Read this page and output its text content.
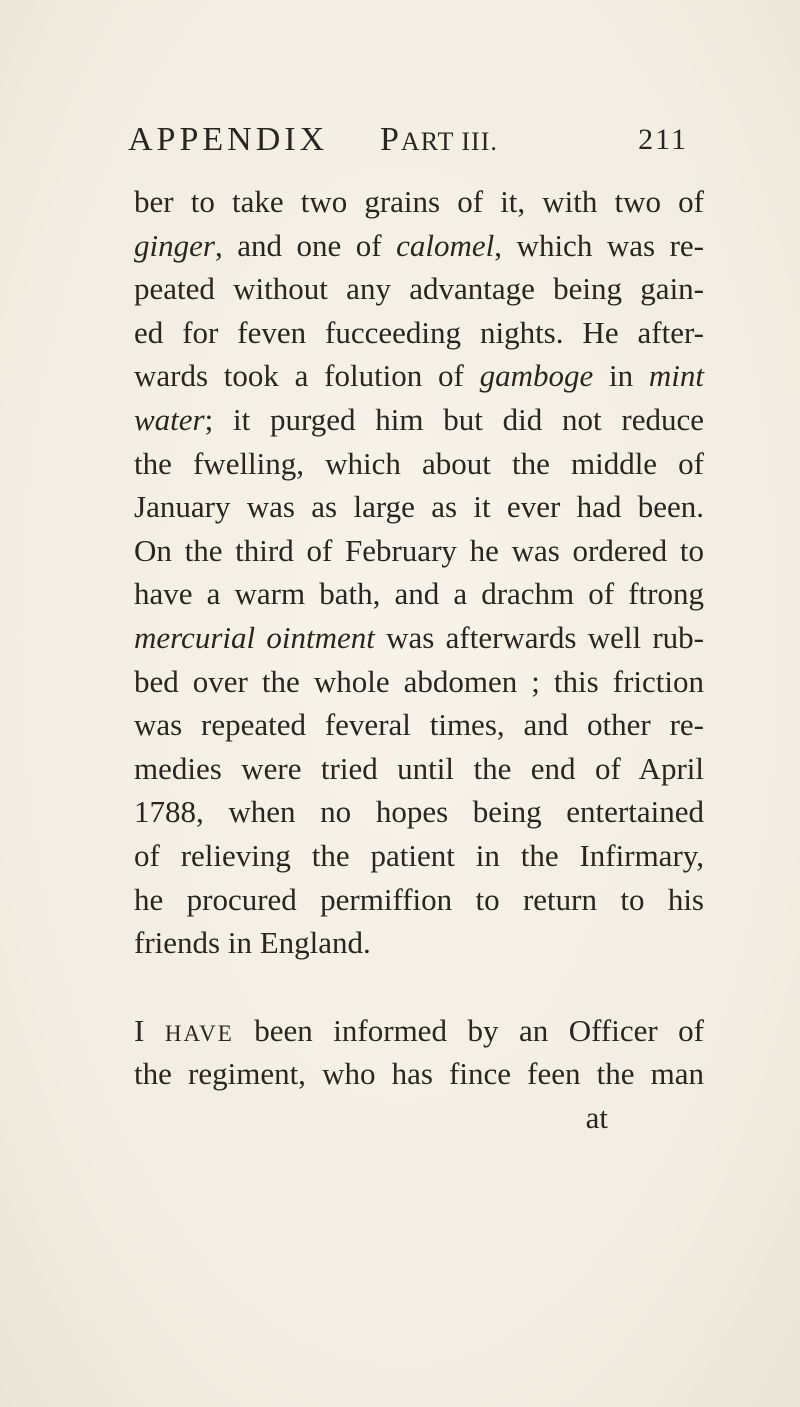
APPENDIX PART III.	211
ber to take two grains of it, with two of
ginger, and one of calomel, which was re-
peated without any advantage being gain-
ed for feven fucceeding nights. He after-
wards took a folution of gamboge in mint
water; it purged him but did not reduce
the fwelling, which about the middle of
January was as large as it ever had been.
On the third of February he was ordered to
have a warm bath, and a drachm of ftrong
mercurial ointment was afterwards well rub-
bed over the whole abdomen ; this friction
was repeated feveral times, and other re-
medies were tried until the end of April
1788, when no hopes being entertained
of relieving the patient in the Infirmary,
he procured permiffion to return to his
friends in England.
I HAVE been informed by an Officer of
the regiment, who has fince feen the man
at
